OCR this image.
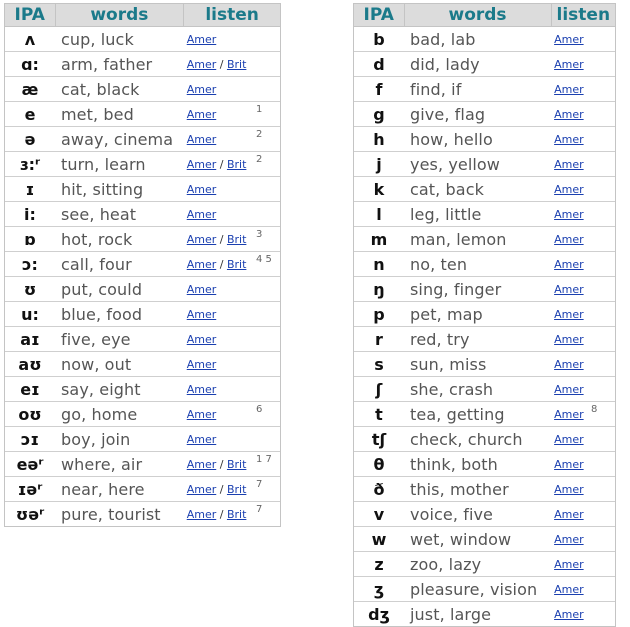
IPA	words	listen	
ʌ	cup, luck	Amer	
ɑ:	arm, father	Amer / Brit	
æ	cat, black	Amer	
e	met, bed	Amer	1
ə	away, cinema	Amer	2
ɜ:ʳ	turn, learn	Amer / Brit	2
ɪ	hit, sitting	Amer	
i:	see, heat	Amer	
ɒ	hot, rock	Amer / Brit	3
ɔ:	call, four	Amer / Brit	4 5
ʊ	put, could	Amer	
u:	blue, food	Amer	
aɪ	five, eye	Amer	
aʊ	now, out	Amer	
eɪ	say, eight	Amer	
oʊ	go, home	Amer	6
ɔɪ	boy, join	Amer	
eəʳ	where, air	Amer / Brit	1 7
ɪəʳ	near, here	Amer / Brit	7
ʊəʳ	pure, tourist	Amer / Brit	7
IPA	words	listen	
b	bad, lab	Amer	
d	did, lady	Amer	
f	find, if	Amer	
g	give, flag	Amer	
h	how, hello	Amer	
j	yes, yellow	Amer	
k	cat, back	Amer	
l	leg, little	Amer	
m	man, lemon	Amer	
n	no, ten	Amer	
ŋ	sing, finger	Amer	
p	pet, map	Amer	
r	red, try	Amer	
s	sun, miss	Amer	
ʃ	she, crash	Amer	
t	tea, getting	Amer	8
tʃ	check, church	Amer	
θ	think, both	Amer	
ð	this, mother	Amer	
v	voice, five	Amer	
w	wet, window	Amer	
z	zoo, lazy	Amer	
ʒ	pleasure, vision	Amer	
dʒ	just, large	Amer	
